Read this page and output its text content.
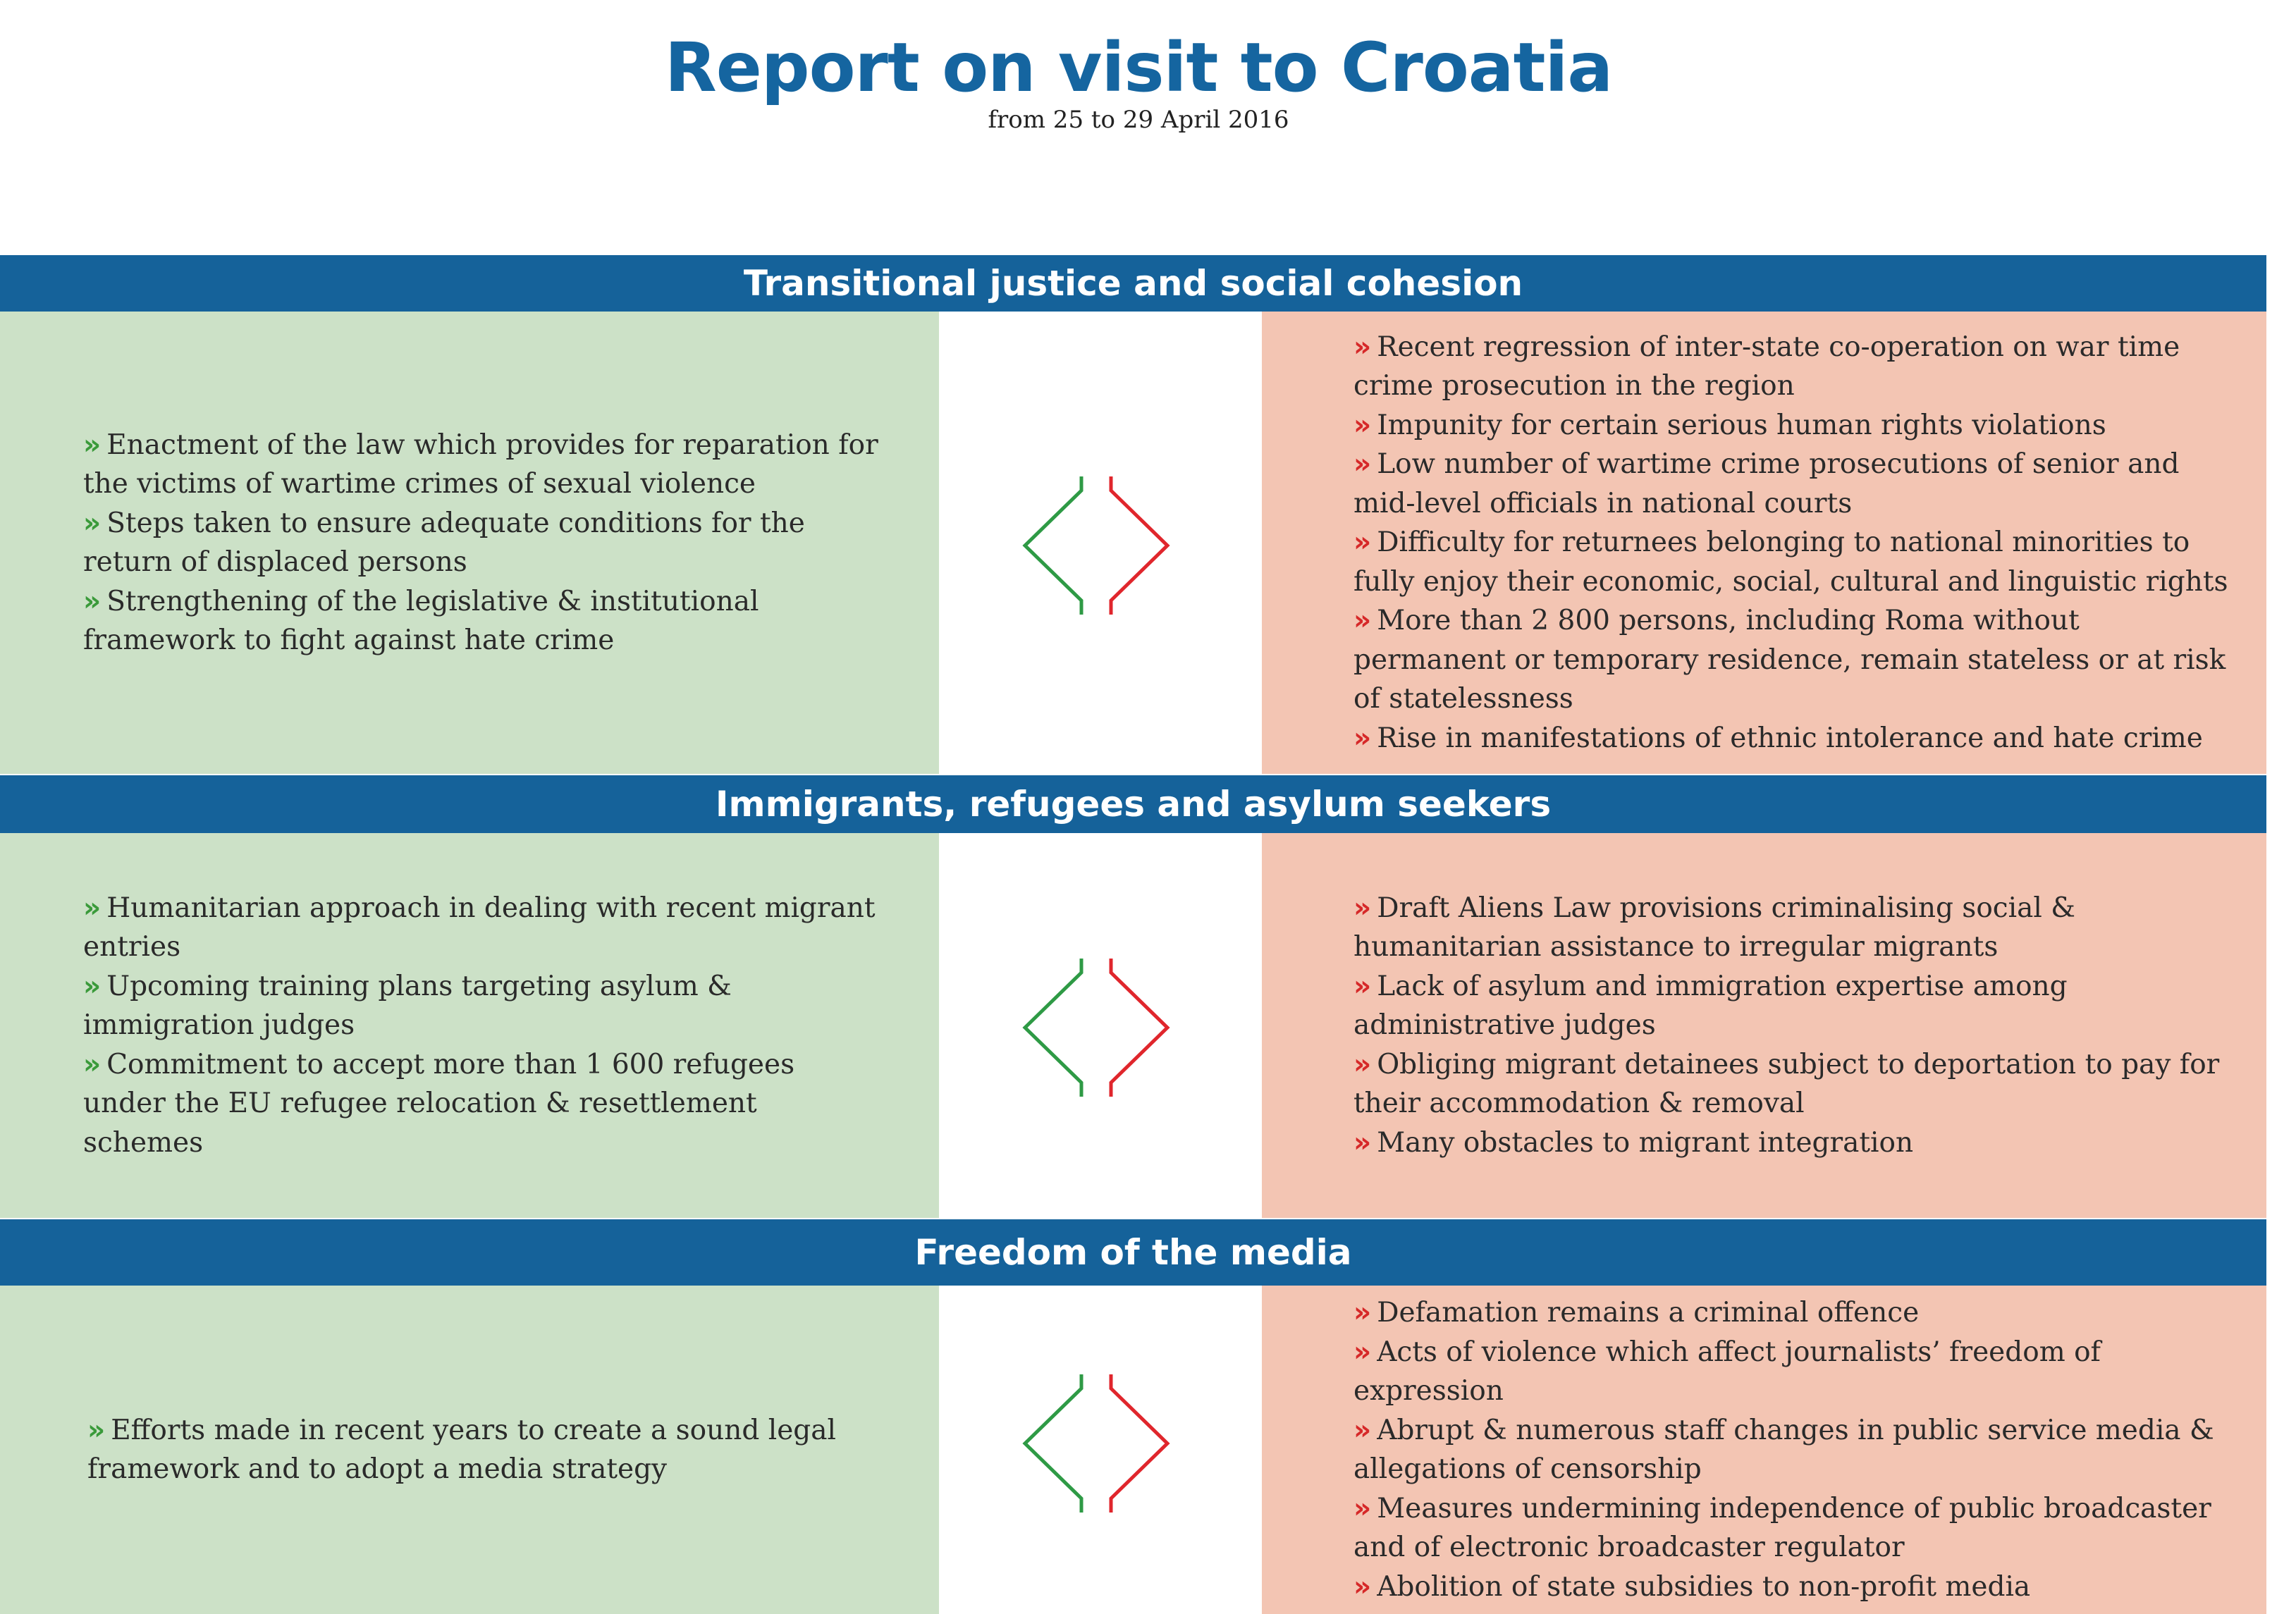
Report on visit to Croatia
from 25 to 29 April 2016
Transitional justice and social cohesion
» Enactment of the law which provides for reparation for the victims of wartime crimes of sexual violence
» Steps taken to ensure adequate conditions for the return of displaced persons
» Strengthening of the legislative & institutional framework to fight against hate crime
» Recent regression of inter-state co-operation on war time crime prosecution in the region
» Impunity for certain serious human rights violations
» Low number of wartime crime prosecutions of senior and mid-level officials in national courts
» Difficulty for returnees belonging to national minorities to fully enjoy their economic, social, cultural and linguistic rights
» More than 2 800 persons, including Roma without permanent or temporary residence, remain stateless or at risk of statelessness
» Rise in manifestations of ethnic intolerance and hate crime
Immigrants, refugees and asylum seekers
» Humanitarian approach in dealing with recent migrant entries
» Upcoming training plans targeting asylum & immigration judges
» Commitment to accept more than 1 600 refugees under the EU refugee relocation & resettlement schemes
» Draft Aliens Law provisions criminalising social & humanitarian assistance to irregular migrants
» Lack of asylum and immigration expertise among administrative judges
» Obliging migrant detainees subject to deportation to pay for their accommodation & removal
» Many obstacles to migrant integration
Freedom of the media
» Efforts made in recent years to create a sound legal framework and to adopt a media strategy
» Defamation remains a criminal offence
» Acts of violence which affect journalists’ freedom of expression
» Abrupt & numerous staff changes in public service media & allegations of censorship
» Measures undermining independence of public broadcaster and of electronic broadcaster regulator
» Abolition of state subsidies to non-profit media
